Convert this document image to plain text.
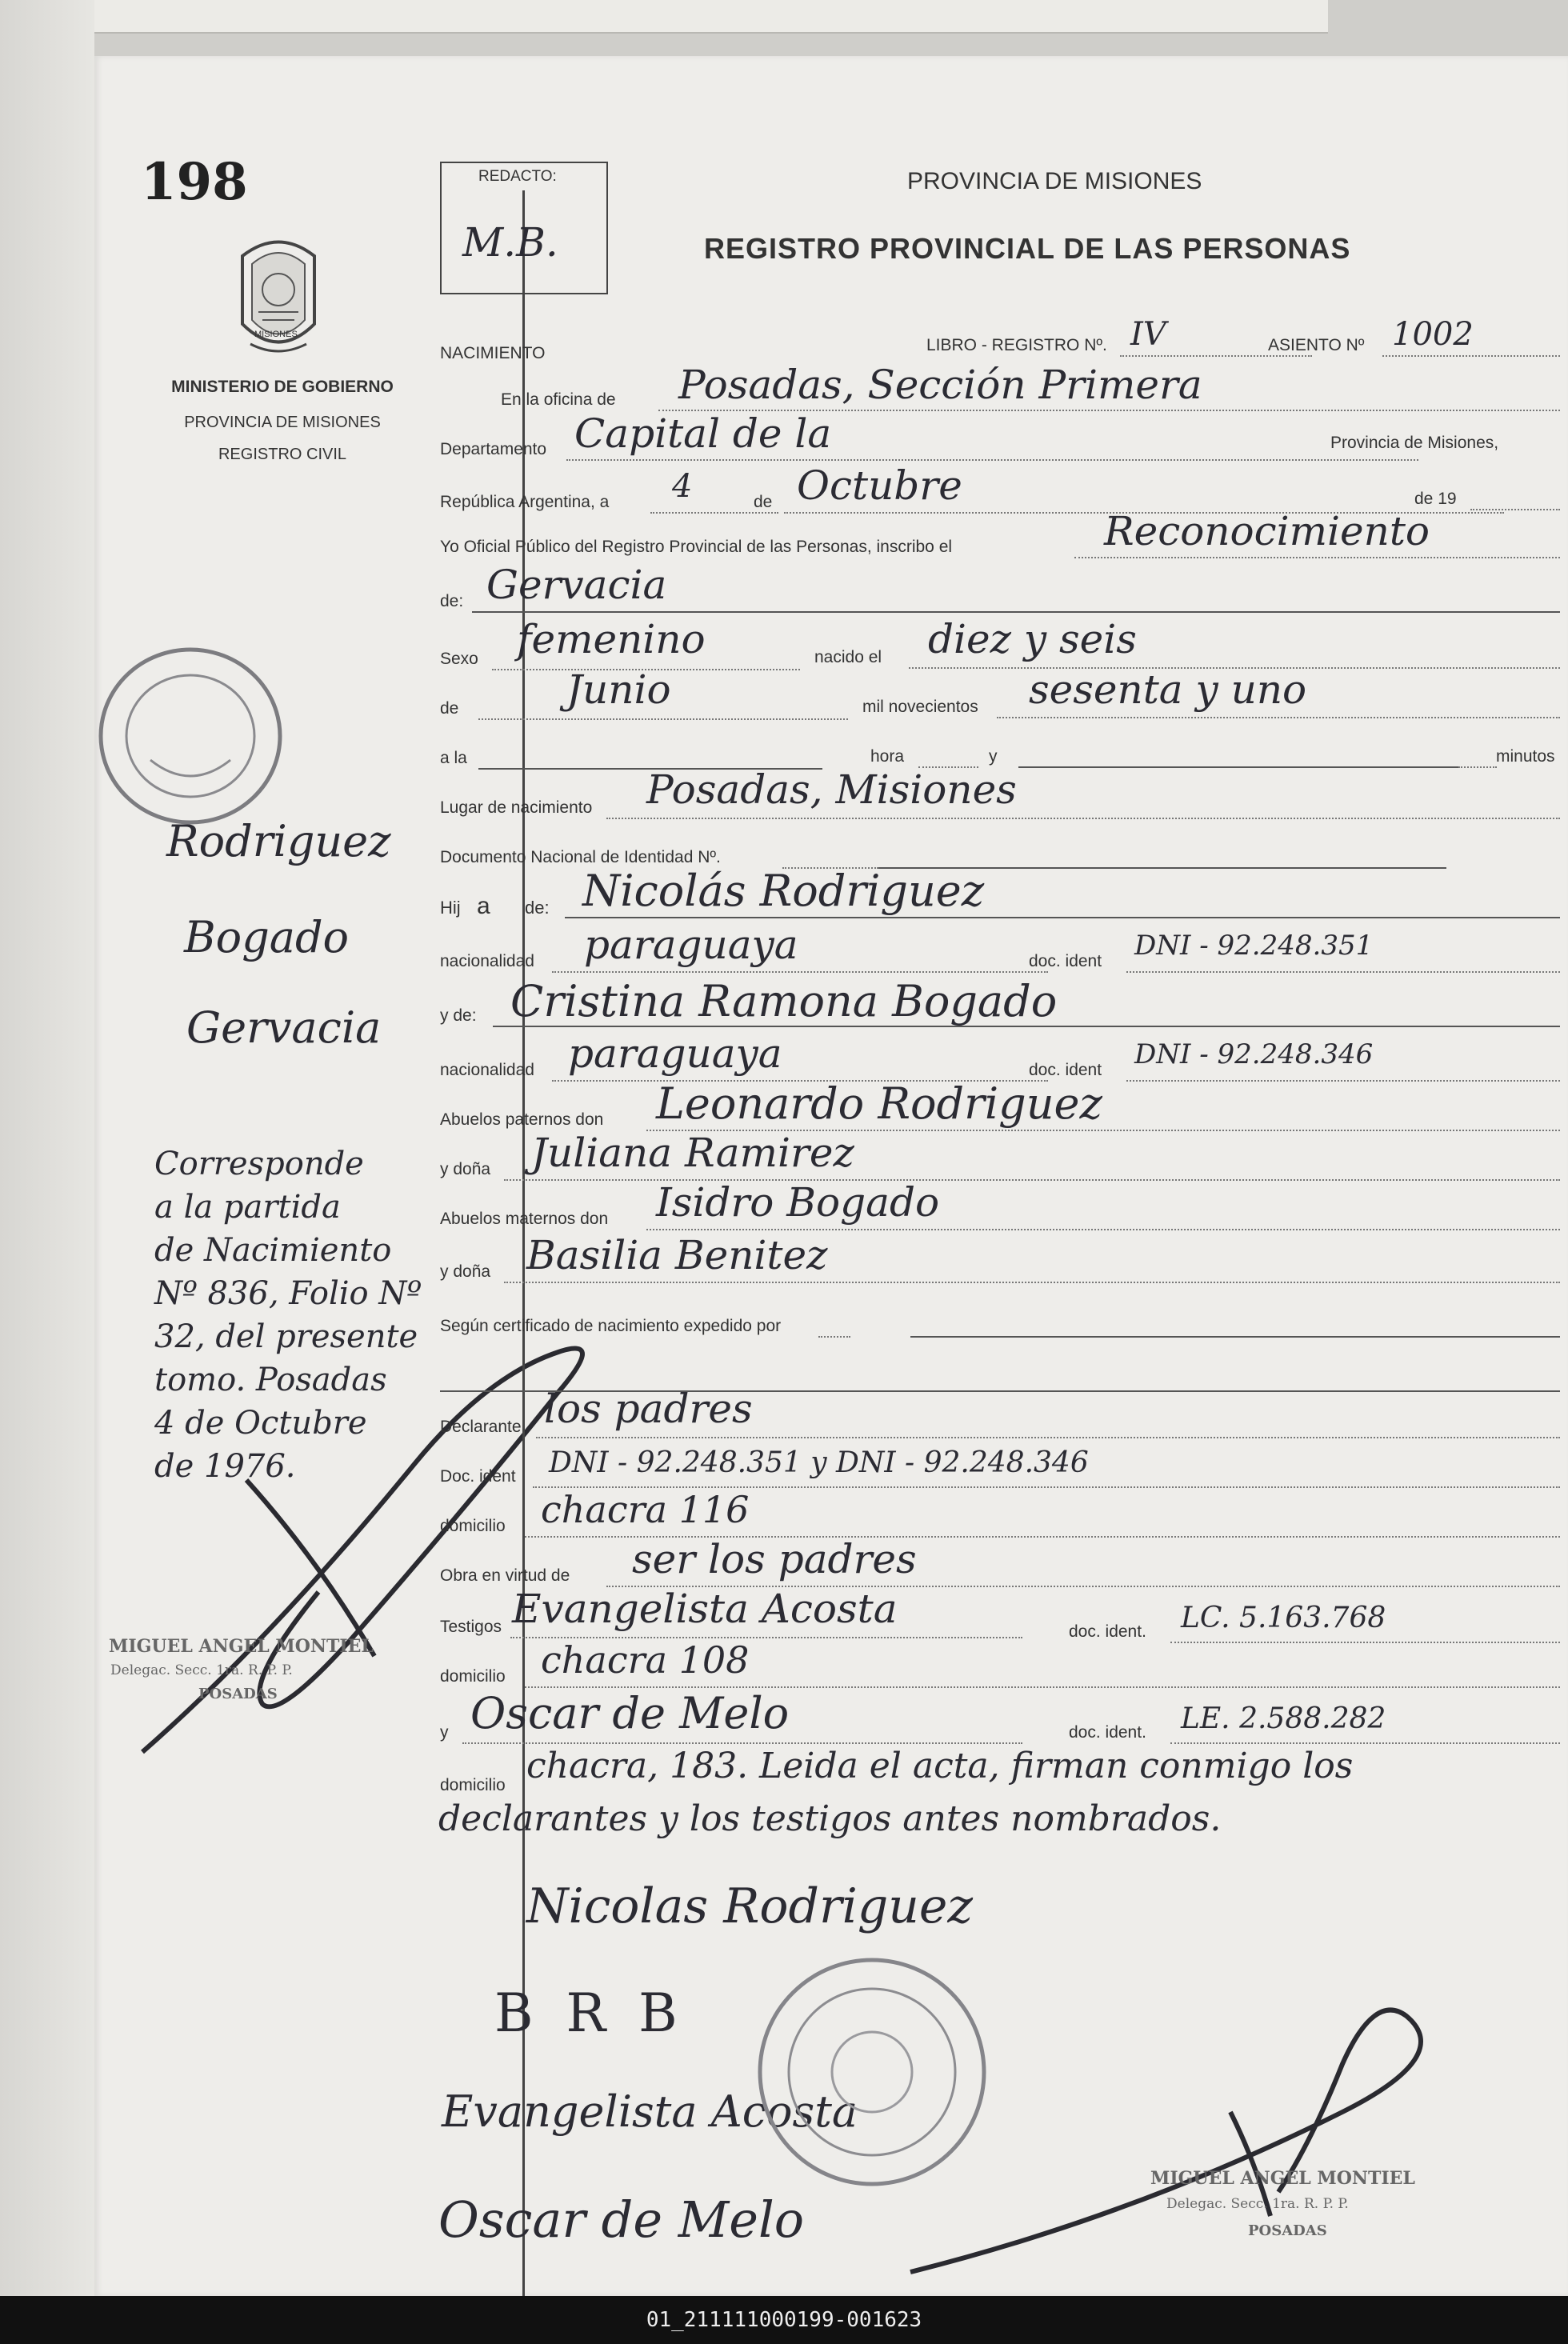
198
MISIONES
MINISTERIO DE GOBIERNO
PROVINCIA DE MISIONES
REGISTRO CIVIL
Rodriguez
Bogado
Gervacia
Corresponde
a la partida
de Nacimiento
Nº 836, Folio Nº
32, del presente
tomo. Posadas
4 de Octubre
de 1976.
MIGUEL ANGEL MONTIEL
Delegac. Secc. 1ra. R. P. P.
POSADAS
REDACTO:
M.B.
PROVINCIA DE MISIONES
REGISTRO PROVINCIAL DE LAS PERSONAS
NACIMIENTO	LIBRO - REGISTRO Nº. IV	ASIENTO Nº 1002
En la oficina de Posadas, Sección Primera
Departamento Capital de la	Provincia de Misiones,
República Argentina, a 4	de Octubre	de 19
Yo Oficial Público del Registro Provincial de las Personas, inscribo el	Reconocimiento
de: Gervacia
Sexo femenino	nacido el diez y seis
de	Junio	mil novecientos sesenta y uno
a la	hora	y	minutos
Lugar de nacimiento Posadas, Misiones
Documento Nacional de Identidad Nº.
Hij a de: Nicolás Rodriguez
nacionalidad paraguaya	doc. ident DNI - 92.248.351
y de: Cristina Ramona Bogado
nacionalidad paraguaya	doc. ident DNI - 92.248.346
Abuelos paternos don Leonardo Rodriguez
y doña Juliana Ramirez
Abuelos maternos don Isidro Bogado
y doña Basilia Benitez
Según certificado de nacimiento expedido por
Declarante los padres
Doc. ident DNI - 92.248.351 y DNI - 92.248.346
domicilio chacra 116
Obra en virtud de ser los padres
Testigos Evangelista Acosta	doc. ident. LC. 5.163.768
domicilio chacra 108
y Oscar de Melo	doc. ident. LE. 2.588.282
domicilio chacra, 183. Leida el acta, firman conmigo los
declarantes y los testigos antes nombrados.
Nicolas Rodriguez
B R B
Evangelista Acosta
Oscar de Melo
MIGUEL ANGEL MONTIEL
Delegac. Secc. 1ra. R. P. P.
POSADAS
01_211111000199-001623
